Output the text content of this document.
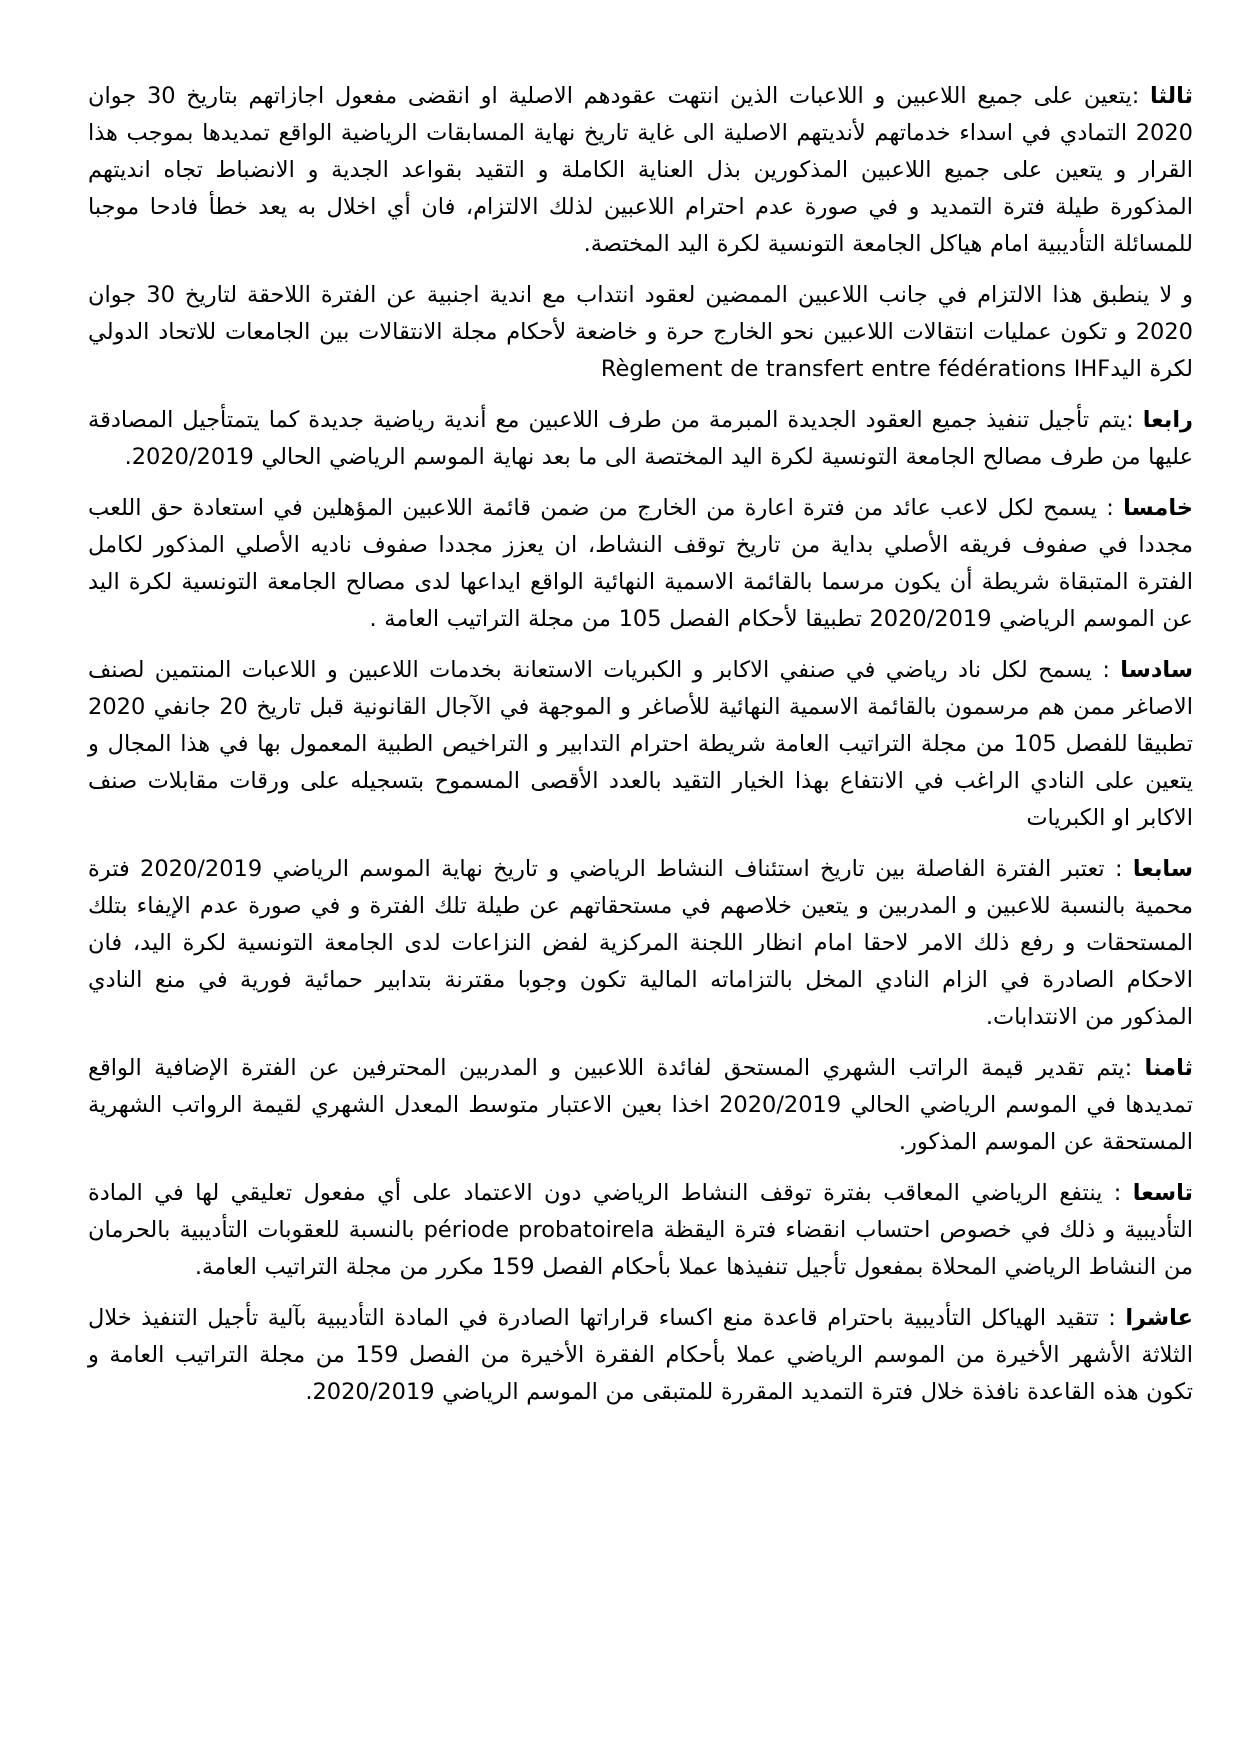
ثالثا :يتعين على جميع اللاعبين و اللاعبات الذين انتهت عقودهم الاصلية او انقضى مفعول اجازاتهم بتاريخ 30 جوان 2020 التمادي في اسداء خدماتهم لأنديتهم الاصلية الى غاية تاريخ نهاية المسابقات الرياضية الواقع تمديدها بموجب هذا القرار و يتعين على جميع اللاعبين المذكورين بذل العناية الكاملة و التقيد بقواعد الجدية و الانضباط تجاه انديتهم المذكورة طيلة فترة التمديد و في صورة عدم احترام اللاعبين لذلك الالتزام، فان أي اخلال به يعد خطأ فادحا موجبا للمسائلة التأديبية امام هياكل الجامعة التونسية لكرة اليد المختصة.

و لا ينطبق هذا الالتزام في جانب اللاعبين الممضين لعقود انتداب مع اندية اجنبية عن الفترة اللاحقة لتاريخ 30 جوان 2020 و تكون عمليات انتقالات اللاعبين نحو الخارج حرة و خاضعة لأحكام مجلة الانتقالات بين الجامعات للاتحاد الدولي لكرة اليدRèglement de transfert entre fédérations IHF

رابعا :يتم تأجيل تنفيذ جميع العقود الجديدة المبرمة من طرف اللاعبين مع أندية رياضية جديدة كما يتمتأجيل المصادقة عليها من طرف مصالح الجامعة التونسية لكرة اليد المختصة الى ما بعد نهاية الموسم الرياضي الحالي 2020/2019.

خامسا : يسمح لكل لاعب عائد من فترة اعارة من الخارج من ضمن قائمة اللاعبين المؤهلين في استعادة حق اللعب مجددا في صفوف فريقه الأصلي بداية من تاريخ توقف النشاط، ان يعزز مجددا صفوف ناديه الأصلي المذكور لكامل الفترة المتبقاة شريطة أن يكون مرسما بالقائمة الاسمية النهائية الواقع ايداعها لدى مصالح الجامعة التونسية لكرة اليد عن الموسم الرياضي 2020/2019 تطبيقا لأحكام الفصل 105 من مجلة التراتيب العامة .

سادسا : يسمح لكل ناد رياضي في صنفي الاكابر و الكبريات الاستعانة بخدمات اللاعبين و اللاعبات المنتمين لصنف الاصاغر ممن هم مرسمون بالقائمة الاسمية النهائية للأصاغر و الموجهة في الآجال القانونية قبل تاريخ 20 جانفي 2020 تطبيقا للفصل 105 من مجلة التراتيب العامة شريطة احترام التدابير و التراخيص الطبية المعمول بها في هذا المجال و يتعين على النادي الراغب في الانتفاع بهذا الخيار التقيد بالعدد الأقصى المسموح بتسجيله على ورقات مقابلات صنف الاكابر او الكبريات

سابعا : تعتبر الفترة الفاصلة بين تاريخ استئناف النشاط الرياضي و تاريخ نهاية الموسم الرياضي 2020/2019 فترة محمية بالنسبة للاعبين و المدربين و يتعين خلاصهم في مستحقاتهم عن طيلة تلك الفترة و في صورة عدم الإيفاء بتلك المستحقات و رفع ذلك الامر لاحقا امام انظار اللجنة المركزية لفض النزاعات لدى الجامعة التونسية لكرة اليد، فان الاحكام الصادرة في الزام النادي المخل بالتزاماته المالية تكون وجوبا مقترنة بتدابير حمائية فورية في منع النادي المذكور من الانتدابات.

ثامنا :يتم تقدير قيمة الراتب الشهري المستحق لفائدة اللاعبين و المدربين المحترفين عن الفترة الإضافية الواقع تمديدها في الموسم الرياضي الحالي 2020/2019 اخذا بعين الاعتبار متوسط المعدل الشهري لقيمة الرواتب الشهرية المستحقة عن الموسم المذكور.

تاسعا : ينتفع الرياضي المعاقب بفترة توقف النشاط الرياضي دون الاعتماد على أي مفعول تعليقي لها في المادة التأديبية و ذلك في خصوص احتساب انقضاء فترة اليقظة période probatoirela بالنسبة للعقوبات التأديبية بالحرمان من النشاط الرياضي المحلاة بمفعول تأجيل تنفيذها عملا بأحكام الفصل 159 مكرر من مجلة التراتيب العامة.

عاشرا : تتقيد الهياكل التأديبية باحترام قاعدة منع اكساء قراراتها الصادرة في المادة التأديبية بآلية تأجيل التنفيذ خلال الثلاثة الأشهر الأخيرة من الموسم الرياضي عملا بأحكام الفقرة الأخيرة من الفصل 159 من مجلة التراتيب العامة و تكون هذه القاعدة نافذة خلال فترة التمديد المقررة للمتبقى من الموسم الرياضي 2020/2019.
